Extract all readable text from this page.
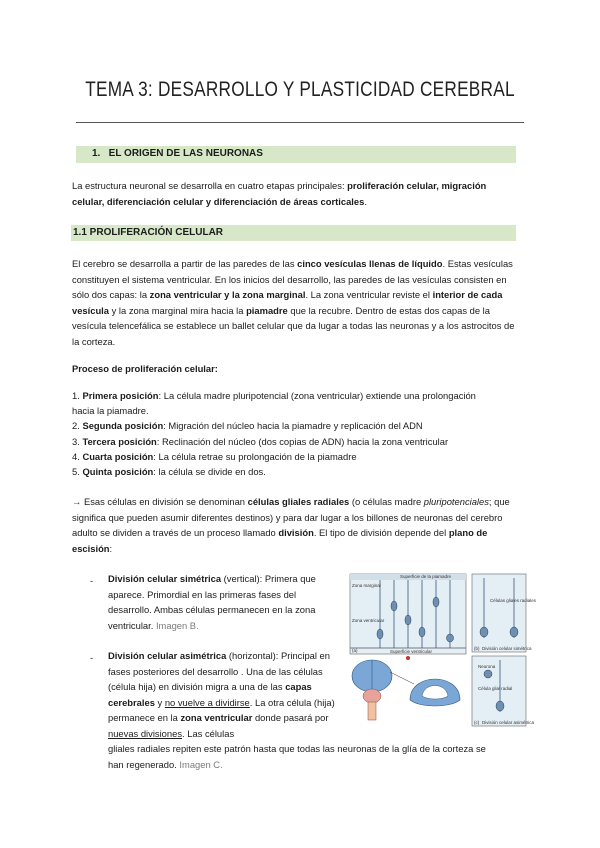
TEMA 3: DESARROLLO Y PLASTICIDAD CEREBRAL
1.   EL ORIGEN DE LAS NEURONAS

La estructura neuronal se desarrolla en cuatro etapas principales: proliferación celular, migración celular, diferenciación celular y diferenciación de áreas corticales.

1.1 PROLIFERACIÓN CELULAR

El cerebro se desarrolla a partir de las paredes de las cinco vesículas llenas de líquido. Estas vesículas constituyen el sistema ventricular. En los inicios del desarrollo, las paredes de las vesículas consisten en sólo dos capas: la zona ventricular y la zona marginal. La zona ventricular reviste el interior de cada vesícula y la zona marginal mira hacia la piamadre que la recubre. Dentro de estas dos capas de la vesícula telencefálica se establece un ballet celular que da lugar a todas las neuronas y a los astrocitos de la corteza.

Proceso de proliferación celular:
1. Primera posición: La célula madre pluripotencial (zona ventricular) extiende una prolongación
hacia la piamadre.
2. Segunda posición: Migración del núcleo hacia la piamadre y replicación del ADN
3. Tercera posición: Reclinación del núcleo (dos copias de ADN) hacia la zona ventricular
4. Cuarta posición: La célula retrae su prolongación de la piamadre
5. Quinta posición: la célula se divide en dos.

→ Esas células en división se denominan células gliales radiales (o células madre pluripotenciales; que significa que pueden asumir diferentes destinos) y para dar lugar a los billones de neuronas del cerebro adulto se dividen a través de un proceso llamado división. El tipo de división depende del plano de escisión:

- División celular simétrica (vertical): Primera que aparece. Primordial en las primeras fases del desarrollo. Ambas células permanecen en la zona ventricular. Imagen B.

- División celular asimétrica (horizontal): Principal en fases posteriores del desarrollo . Una de las células (célula hija) en división migra a una de las capas cerebrales y no vuelve a dividirse. La otra célula (hija) permanece en la zona ventricular donde pasará por nuevas divisiones. Las células

gliales radiales repiten este patrón hasta que todas las neuronas de la glía de la corteza se
han regenerado. Imagen C.
Zona marginal
Zona ventricular
Superficie de la piamadre
Superficie ventricular
(a)
Células gliales radiales
(b) División celular simétrica
Neurona
Célula glial radial
(c) División celular asimétrica
